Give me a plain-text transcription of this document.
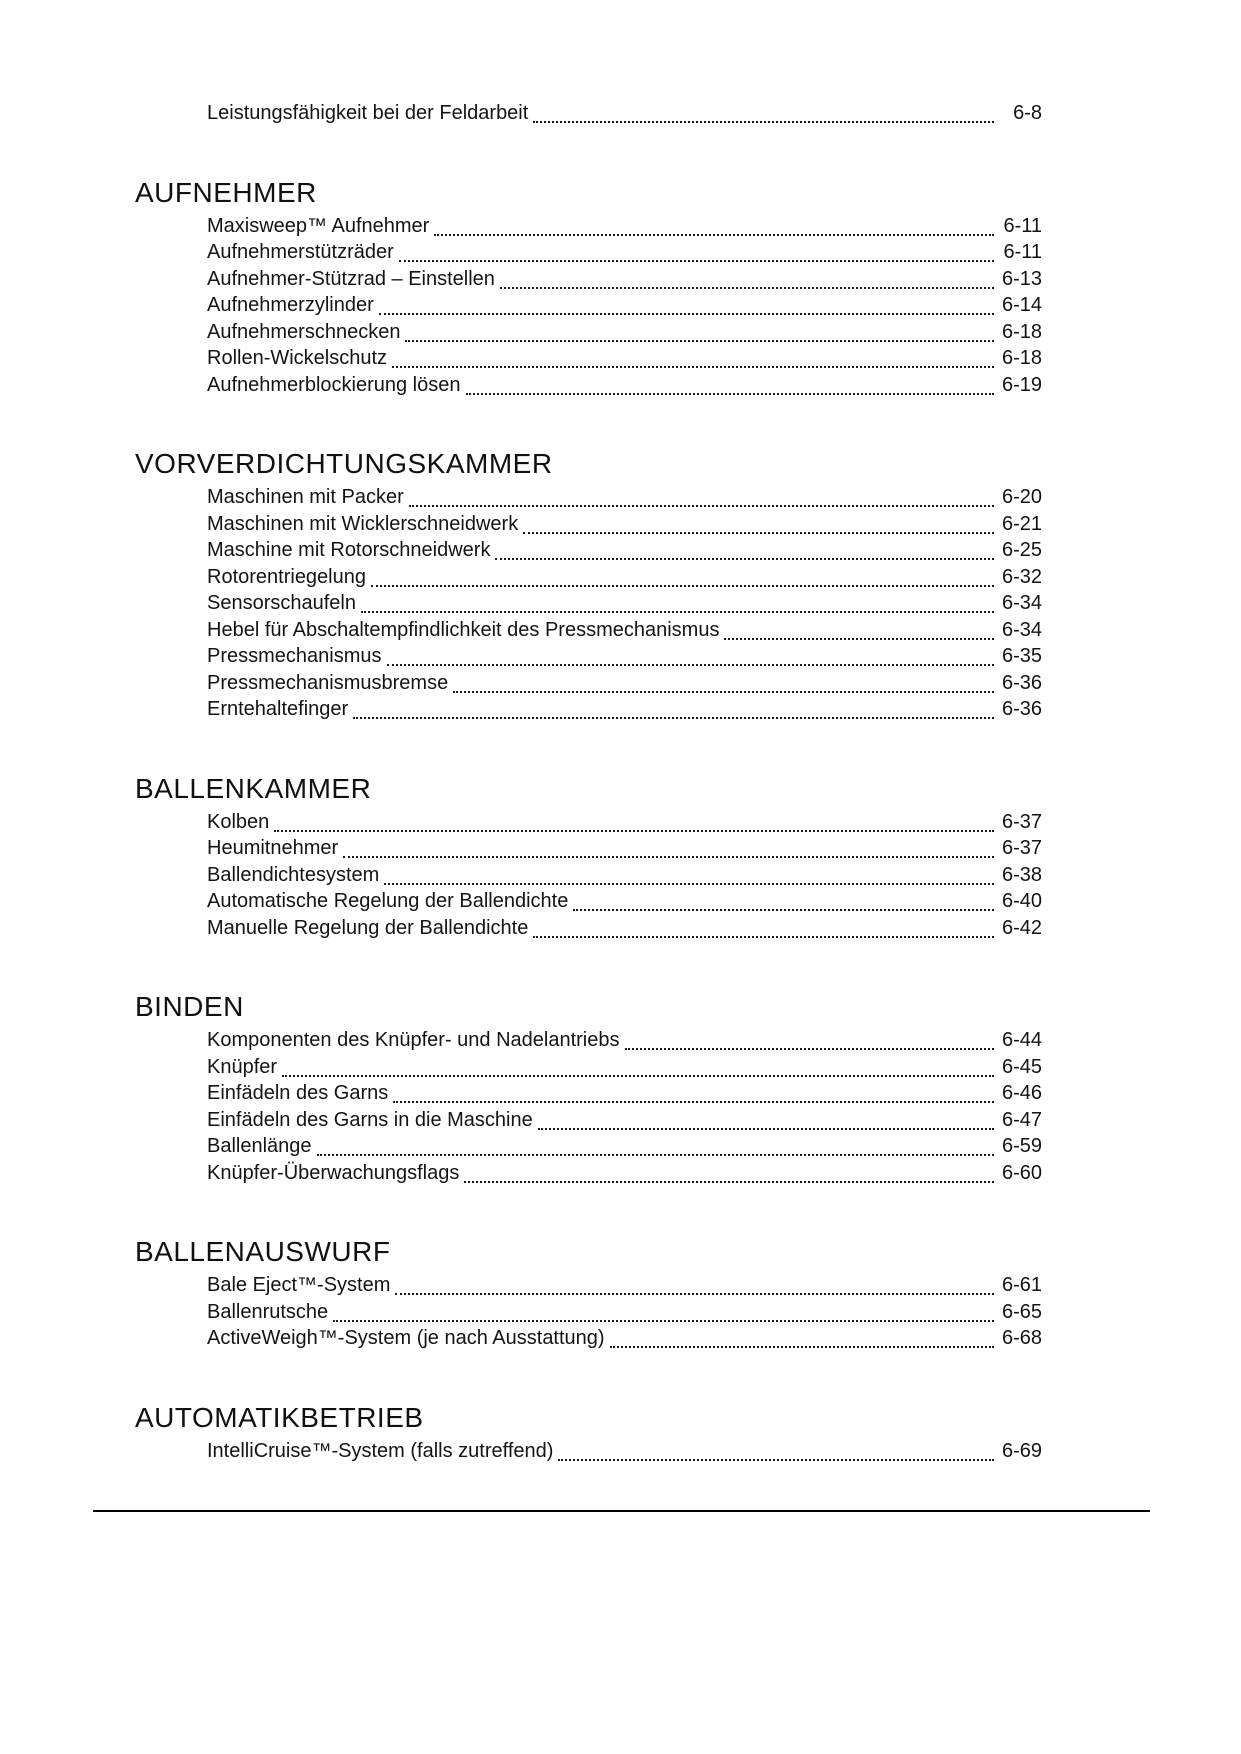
Leistungsfähigkeit bei der Feldarbeit	6-8
AUFNEHMER
Maxisweep™ Aufnehmer	6-11
Aufnehmerstützräder	6-11
Aufnehmer-Stützrad – Einstellen	6-13
Aufnehmerzylinder	6-14
Aufnehmerschnecken	6-18
Rollen-Wickelschutz	6-18
Aufnehmerblockierung lösen	6-19
VORVERDICHTUNGSKAMMER
Maschinen mit Packer	6-20
Maschinen mit Wicklerschneidwerk	6-21
Maschine mit Rotorschneidwerk	6-25
Rotorentriegelung	6-32
Sensorschaufeln	6-34
Hebel für Abschaltempfindlichkeit des Pressmechanismus	6-34
Pressmechanismus	6-35
Pressmechanismusbremse	6-36
Erntehaltefinger	6-36
BALLENKAMMER
Kolben	6-37
Heumitnehmer	6-37
Ballendichtesystem	6-38
Automatische Regelung der Ballendichte	6-40
Manuelle Regelung der Ballendichte	6-42
BINDEN
Komponenten des Knüpfer- und Nadelantriebs	6-44
Knüpfer	6-45
Einfädeln des Garns	6-46
Einfädeln des Garns in die Maschine	6-47
Ballenlänge	6-59
Knüpfer-Überwachungsflags	6-60
BALLENAUSWURF
Bale Eject™-System	6-61
Ballenrutsche	6-65
ActiveWeigh™-System (je nach Ausstattung)	6-68
AUTOMATIKBETRIEB
IntelliCruise™-System (falls zutreffend)	6-69
